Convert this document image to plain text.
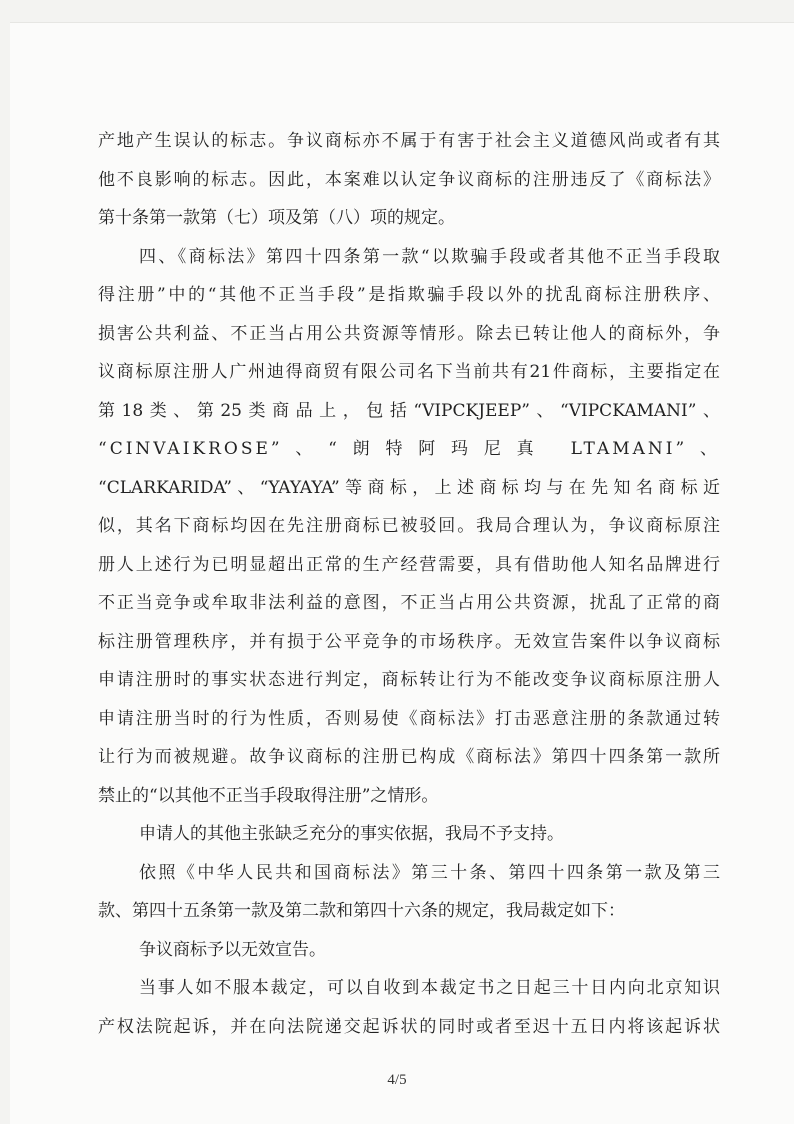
产地产生误认的标志。争议商标亦不属于有害于社会主义道德风尚或者有其
他不良影响的标志。因此，本案难以认定争议商标的注册违反了《商标法》
第十条第一款第（七）项及第（八）项的规定。
四、《商标法》第四十四条第一款“以欺骗手段或者其他不正当手段取
得注册”中的“其他不正当手段”是指欺骗手段以外的扰乱商标注册秩序、
损害公共利益、不正当占用公共资源等情形。除去已转让他人的商标外，争
议商标原注册人广州迪得商贸有限公司名下当前共有21件商标，主要指定在
第18类、第25类商品上，包括“VIPCKJEEP”、“VIPCKAMANI”、
“CINVAIKROSE”、“朗特阿玛尼真 LTAMANI”、
“CLARKARIDA”、“YAYAYA”等商标，上述商标均与在先知名商标近
似，其名下商标均因在先注册商标已被驳回。我局合理认为，争议商标原注
册人上述行为已明显超出正常的生产经营需要，具有借助他人知名品牌进行
不正当竞争或牟取非法利益的意图，不正当占用公共资源，扰乱了正常的商
标注册管理秩序，并有损于公平竞争的市场秩序。无效宣告案件以争议商标
申请注册时的事实状态进行判定，商标转让行为不能改变争议商标原注册人
申请注册当时的行为性质，否则易使《商标法》打击恶意注册的条款通过转
让行为而被规避。故争议商标的注册已构成《商标法》第四十四条第一款所
禁止的“以其他不正当手段取得注册”之情形。
申请人的其他主张缺乏充分的事实依据，我局不予支持。
依照《中华人民共和国商标法》第三十条、第四十四条第一款及第三
款、第四十五条第一款及第二款和第四十六条的规定，我局裁定如下：
争议商标予以无效宣告。
当事人如不服本裁定，可以自收到本裁定书之日起三十日内向北京知识
产权法院起诉，并在向法院递交起诉状的同时或者至迟十五日内将该起诉状
4/5
